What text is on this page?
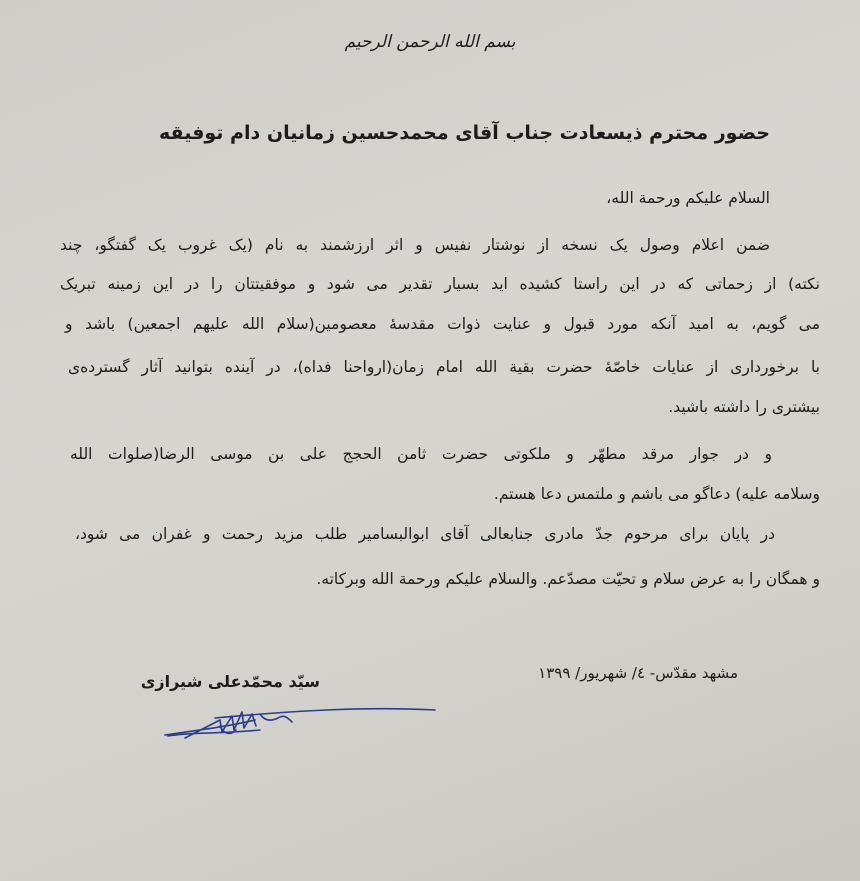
بسم الله الرحمن الرحیم
حضور محترم ذیسعادت جناب آقای محمدحسین زمانیان دام توفیقه
السلام علیکم ورحمة الله،
ضمن اعلام وصول یک نسخه از نوشتار نفیس و اثر ارزشمند به نام (یک غروب یک گفتگو، چند
نکته) از زحماتی که در این راستا کشیده اید بسیار تقدیر می شود و موفقیتتان را در این زمینه تبریک
می گویم، به امید آنکه مورد قبول و عنایت ذوات مقدسهٔ معصومین(سلام الله علیهم اجمعین) باشد و
با برخورداری از عنایات خاصّهٔ حضرت بقیة الله امام زمان(ارواحنا فداه)، در آینده بتوانید آثار گسترده‌ی
بیشتری را داشته باشید.
و در جوار مرقد مطهّر و ملکوتی حضرت ثامن الحجج علی بن موسی الرضا(صلوات الله
وسلامه علیه) دعاگو می باشم و ملتمس دعا هستم.
در پایان برای مرحوم جدّ مادری جنابعالی آقای ابوالبسامیر طلب مزید رحمت و غفران می شود،
و همگان را به عرض سلام و تحیّت مصدّعم. والسلام علیکم ورحمة الله وبرکاته.
مشهد مقدّس- ٤/ شهریور/ ١٣٩٩
سیّد محمّدعلی شیرازی
